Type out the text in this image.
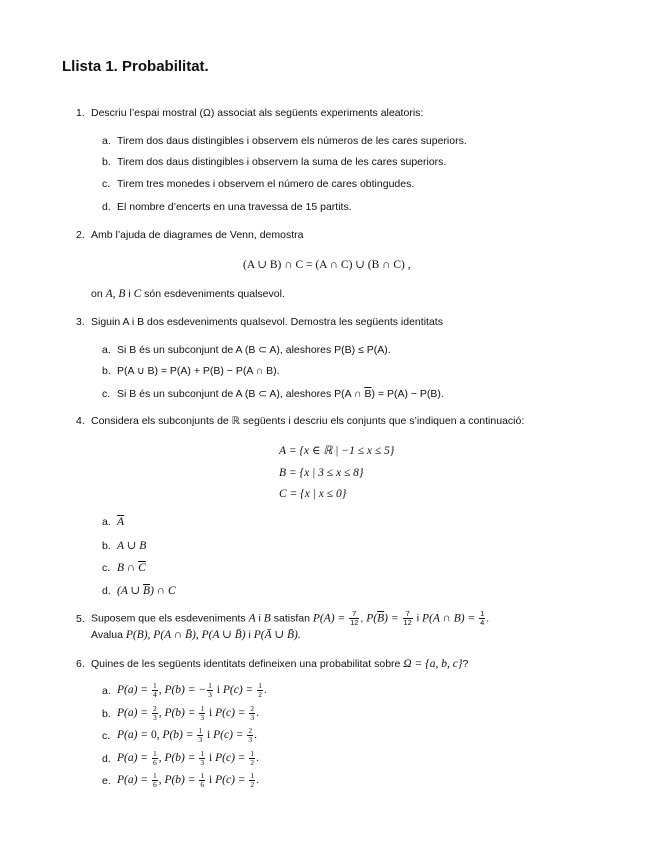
Llista 1. Probabilitat.
1. Descriu l’espai mostral (Ω) associat als següents experiments aleatoris:
a. Tirem dos daus distingibles i observem els números de les cares superiors.
b. Tirem dos daus distingibles i observem la suma de les cares superiors.
c. Tirem tres monedes i observem el número de cares obtingudes.
d. El nombre d’encerts en una travessa de 15 partits.
2. Amb l’ajuda de diagrames de Venn, demostra
(A ∪ B) ∩ C = (A ∩ C) ∪ (B ∩ C) ,
on A, B i C són esdeveniments qualsevol.
3. Siguin A i B dos esdeveniments qualsevol. Demostra les següents identitats
a. Si B és un subconjunt de A (B ⊂ A), aleshores P(B) ≤ P(A).
b. P(A ∪ B) = P(A) + P(B) − P(A ∩ B).
c. Si B és un subconjunt de A (B ⊂ A), aleshores P(A ∩ $\overline{B}) = P(A) - P(B)$.
4. Considera els subconjunts de ℝ següents i descriu els conjunts que s’indiquen a continuació:
A = {x ∈ ℝ | −1 ≤ x ≤ 5}
B = {x | 3 ≤ x ≤ 8}
C = {x | x ≤ 0}
a. $\overline{A}$
b. A ∪ B
c. B ∩ $\overline{C}$
d. (A ∪ $\overline{B}$) ∩ C
5. Suposem que els esdeveniments A i B satisfan $P(A) = \frac{7}{12}$ , $P(\overline{B}) = \frac{7}{12}$ i P(A ∩ $B) = \frac{1}{4}$ .
Avalua P(B), P(A ∩ B̄), P(A ∪ B̄) i P(Ā ∪ B̄).
6. Quines de les següents identitats defineixen una probabilitat sobre Ω = {a, b, c}?
a. $P(a) = \frac{1}{4}$ , P(b) = − $\frac{1}{3}$ i $P(c) = \frac{1}{2}$ .
b. $P(a) = \frac{2}{3}$ , $P(b) = \frac{1}{3}$ i $P(c) = \frac{2}{3}$ .
c. P(a) = 0, $P(b) = \frac{1}{3}$ i $P(c) = \frac{2}{3}$ .
d. $P(a) = \frac{1}{6}$ , $P(b) = \frac{1}{3}$ i $P(c) = \frac{1}{2}$ .
e. $P(a) = \frac{1}{6}$ , $P(b) = \frac{1}{6}$ i $P(c) = \frac{1}{2}$ .
